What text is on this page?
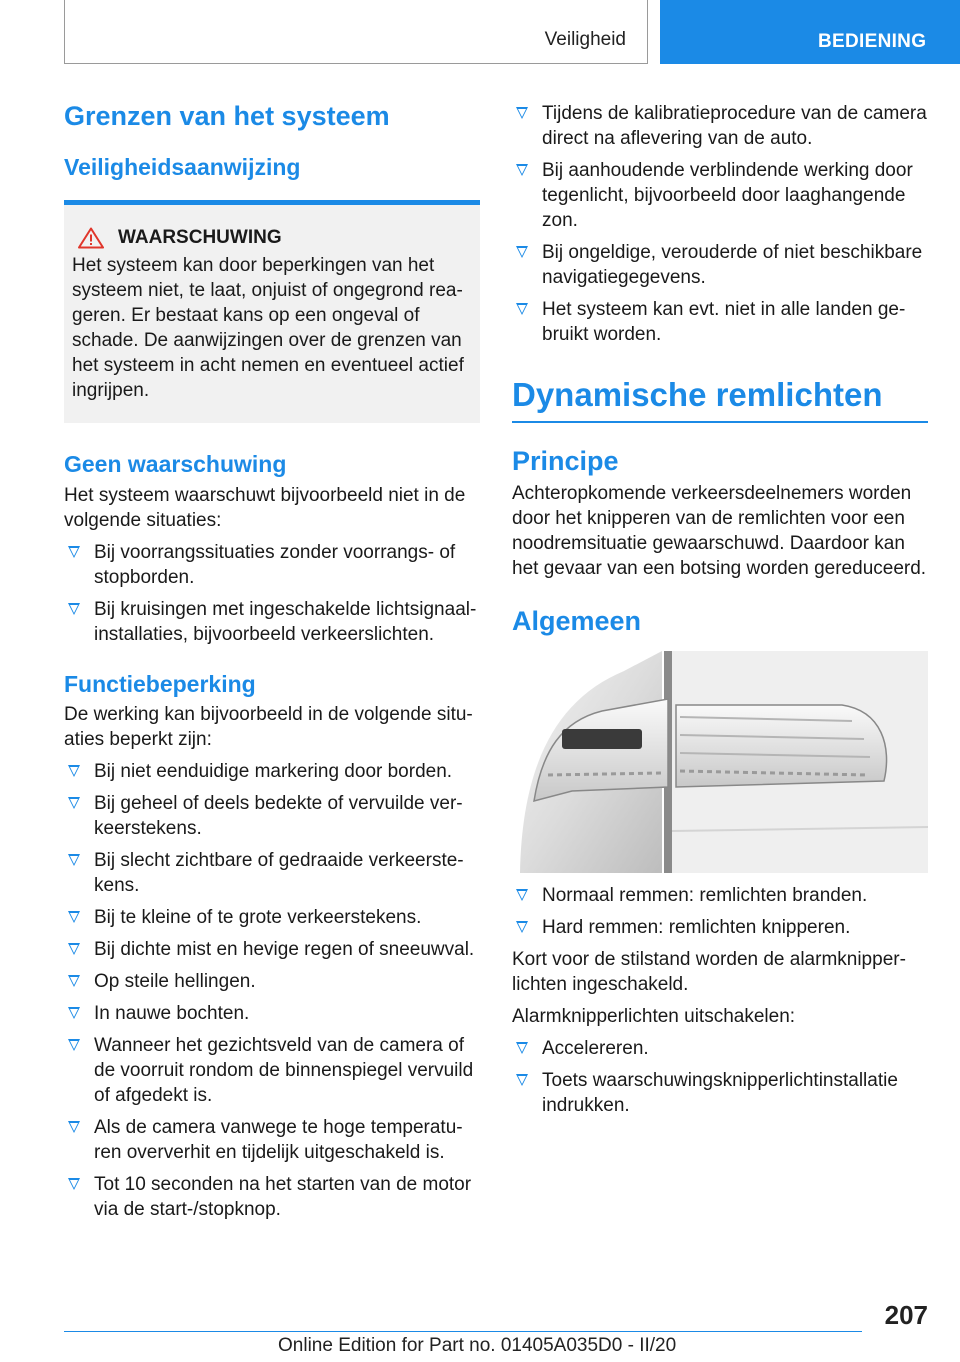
Veiligheid	BEDIENING
Grenzen van het systeem
Veiligheidsaanwijzing
WAARSCHUWING

Het systeem kan door beperkingen van het systeem niet, te laat, onjuist of ongegrond rea-geren. Er bestaat kans op een ongeval of schade. De aanwijzingen over de grenzen van het systeem in acht nemen en eventueel actief ingrijpen.

Geen waarschuwing

Het systeem waarschuwt bijvoorbeeld niet in de volgende situaties:

Bij voorrangssituaties zonder voorrangs- of stopborden.
Bij kruisingen met ingeschakelde lichtsignaal-installaties, bijvoorbeeld verkeerslichten.
Functiebeperking

De werking kan bijvoorbeeld in de volgende situ-aties beperkt zijn:

Bij niet eenduidige markering door borden.
Bij geheel of deels bedekte of vervuilde ver-keerstekens.
Bij slecht zichtbare of gedraaide verkeerste-kens.
Bij te kleine of te grote verkeerstekens.
Bij dichte mist en hevige regen of sneeuwval.
Op steile hellingen.
In nauwe bochten.
Wanneer het gezichtsveld van de camera of de voorruit rondom de binnenspiegel vervuild of afgedekt is.
Als de camera vanwege te hoge temperatu-ren oververhit en tijdelijk uitgeschakeld is.
Tot 10 seconden na het starten van de motor via de start-/stopknop.
Tijdens de kalibratieprocedure van de camera direct na aflevering van de auto.
Bij aanhoudende verblindende werking door tegenlicht, bijvoorbeeld door laaghangende zon.
Bij ongeldige, verouderde of niet beschikbare navigatiegegevens.
Het systeem kan evt. niet in alle landen ge-bruikt worden.
Dynamische remlichten
Principe

Achteropkomende verkeersdeelnemers worden door het knipperen van de remlichten voor een noodremsituatie gewaarschuwd. Daardoor kan het gevaar van een botsing worden gereduceerd.

Algemeen
Normaal remmen: remlichten branden.
Hard remmen: remlichten knipperen.

Kort voor de stilstand worden de alarmknipper-lichten ingeschakeld.

Alarmknipperlichten uitschakelen:

Accelereren.
Toets waarschuwingsknipperlichtinstallatie indrukken.
207
Online Edition for Part no. 01405A035D0 - II/20
